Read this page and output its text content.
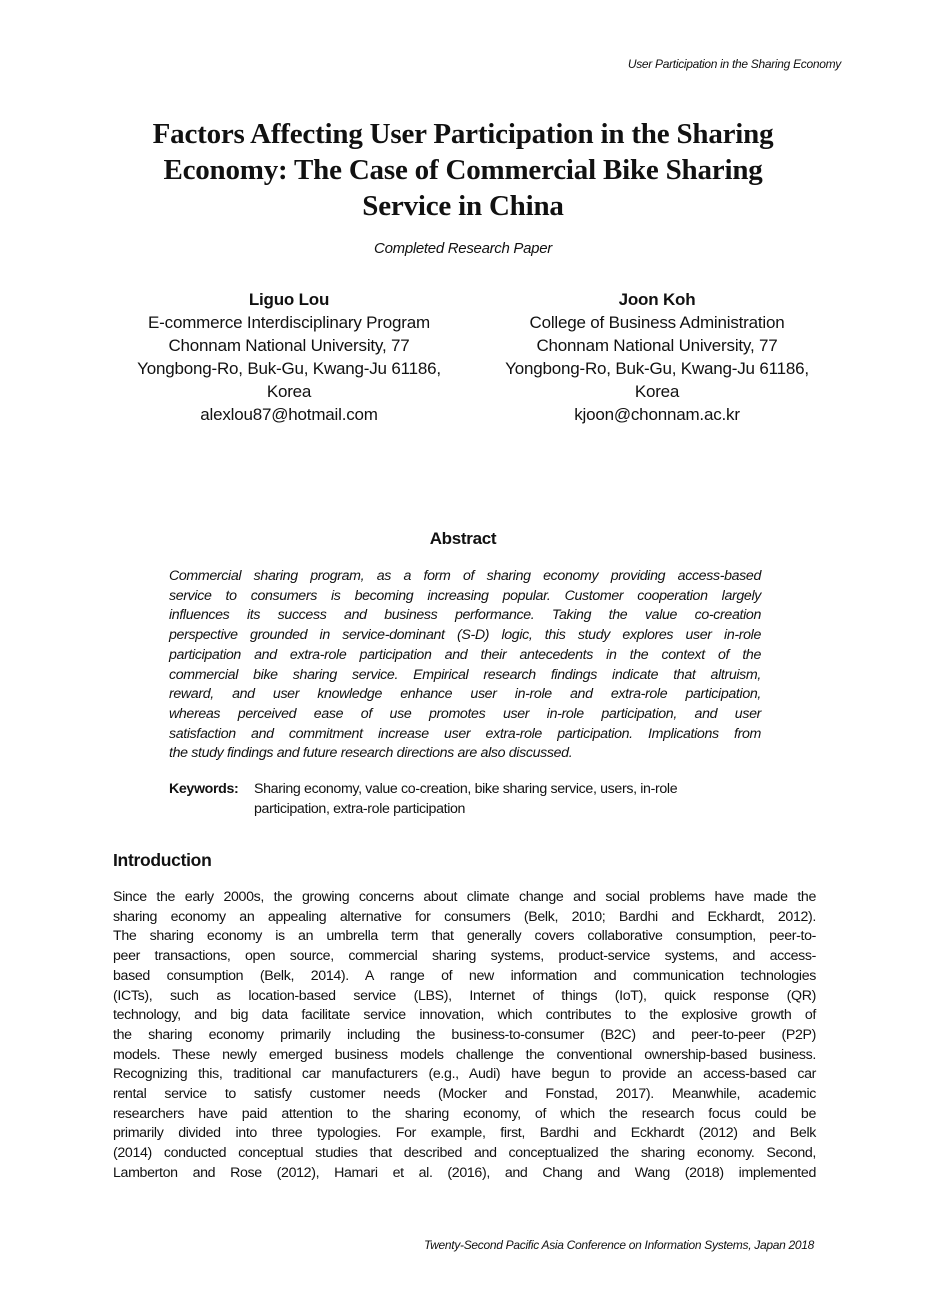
User Participation in the Sharing Economy
Factors Affecting User Participation in the Sharing
Economy: The Case of Commercial Bike Sharing
Service in China
Completed Research Paper
Liguo Lou
E-commerce Interdisciplinary Program
Chonnam National University, 77
Yongbong-Ro, Buk-Gu, Kwang-Ju 61186,
Korea
alexlou87@hotmail.com
Joon Koh
College of Business Administration
Chonnam National University, 77
Yongbong-Ro, Buk-Gu, Kwang-Ju 61186,
Korea
kjoon@chonnam.ac.kr
Abstract
Commercial sharing program, as a form of sharing economy providing access-based
service to consumers is becoming increasing popular. Customer cooperation largely
influences its success and business performance. Taking the value co-creation
perspective grounded in service-dominant (S-D) logic, this study explores user in-role
participation and extra-role participation and their antecedents in the context of the
commercial bike sharing service. Empirical research findings indicate that altruism,
reward, and user knowledge enhance user in-role and extra-role participation,
whereas perceived ease of use promotes user in-role participation, and user
satisfaction and commitment increase user extra-role participation. Implications from
the study findings and future research directions are also discussed.
Keywords: Sharing economy, value co-creation, bike sharing service, users, in-role
participation, extra-role participation
Introduction
Since the early 2000s, the growing concerns about climate change and social problems have made the
sharing economy an appealing alternative for consumers (Belk, 2010; Bardhi and Eckhardt, 2012).
The sharing economy is an umbrella term that generally covers collaborative consumption, peer-to-
peer transactions, open source, commercial sharing systems, product-service systems, and access-
based consumption (Belk, 2014). A range of new information and communication technologies
(ICTs), such as location-based service (LBS), Internet of things (IoT), quick response (QR)
technology, and big data facilitate service innovation, which contributes to the explosive growth of
the sharing economy primarily including the business-to-consumer (B2C) and peer-to-peer (P2P)
models. These newly emerged business models challenge the conventional ownership-based business.
Recognizing this, traditional car manufacturers (e.g., Audi) have begun to provide an access-based car
rental service to satisfy customer needs (Mocker and Fonstad, 2017). Meanwhile, academic
researchers have paid attention to the sharing economy, of which the research focus could be
primarily divided into three typologies. For example, first, Bardhi and Eckhardt (2012) and Belk
(2014) conducted conceptual studies that described and conceptualized the sharing economy. Second,
Lamberton and Rose (2012), Hamari et al. (2016), and Chang and Wang (2018) implemented
Twenty-Second Pacific Asia Conference on Information Systems, Japan 2018
